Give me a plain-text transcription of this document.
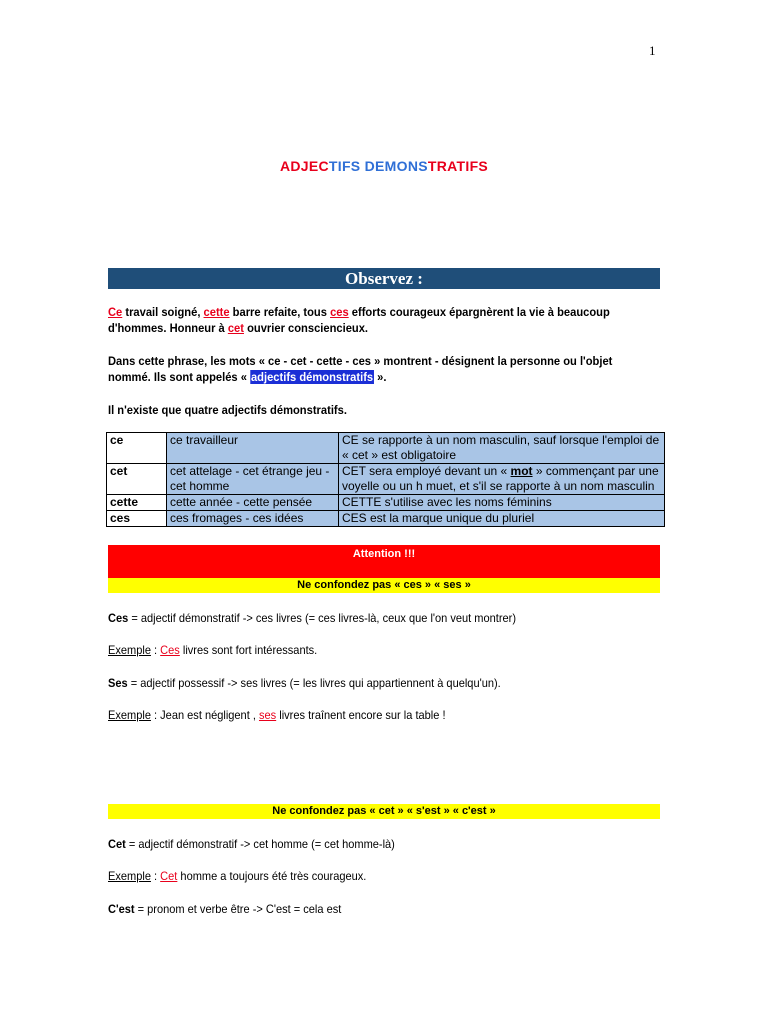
1
ADJECTIFS DEMONSTRATIFS
Observez :
Ce travail soigné, cette barre refaite, tous ces efforts courageux épargnèrent la vie à beaucoup d'hommes. Honneur à cet ouvrier consciencieux.
Dans cette phrase, les mots « ce - cet - cette - ces » montrent - désignent la personne ou l'objet nommé. Ils sont appelés « adjectifs démonstratifs ».
Il n'existe que quatre adjectifs démonstratifs.
ce	ce travailleur	CE se rapporte à un nom masculin, sauf lorsque l'emploi de « cet » est obligatoire
cet	cet attelage - cet étrange jeu - cet homme	CET sera employé devant un « mot » commençant par une voyelle ou un h muet, et s'il se rapporte à un nom masculin
cette	cette année - cette pensée	CETTE s'utilise avec les noms féminins
ces	ces fromages - ces idées	CES est la marque unique du pluriel
Attention !!!
Ne confondez pas « ces » « ses »
Ces = adjectif démonstratif -> ces livres (= ces livres-là, ceux que l'on veut montrer)
Exemple : Ces livres sont fort intéressants.
Ses = adjectif possessif -> ses livres (= les livres qui appartiennent à quelqu'un).
Exemple : Jean est négligent , ses livres traînent encore sur la table !
Ne confondez pas « cet » « s'est » « c'est »
Cet = adjectif démonstratif -> cet homme (= cet homme-là)
Exemple : Cet homme a toujours été très courageux.
C'est = pronom et verbe être -> C'est = cela est
